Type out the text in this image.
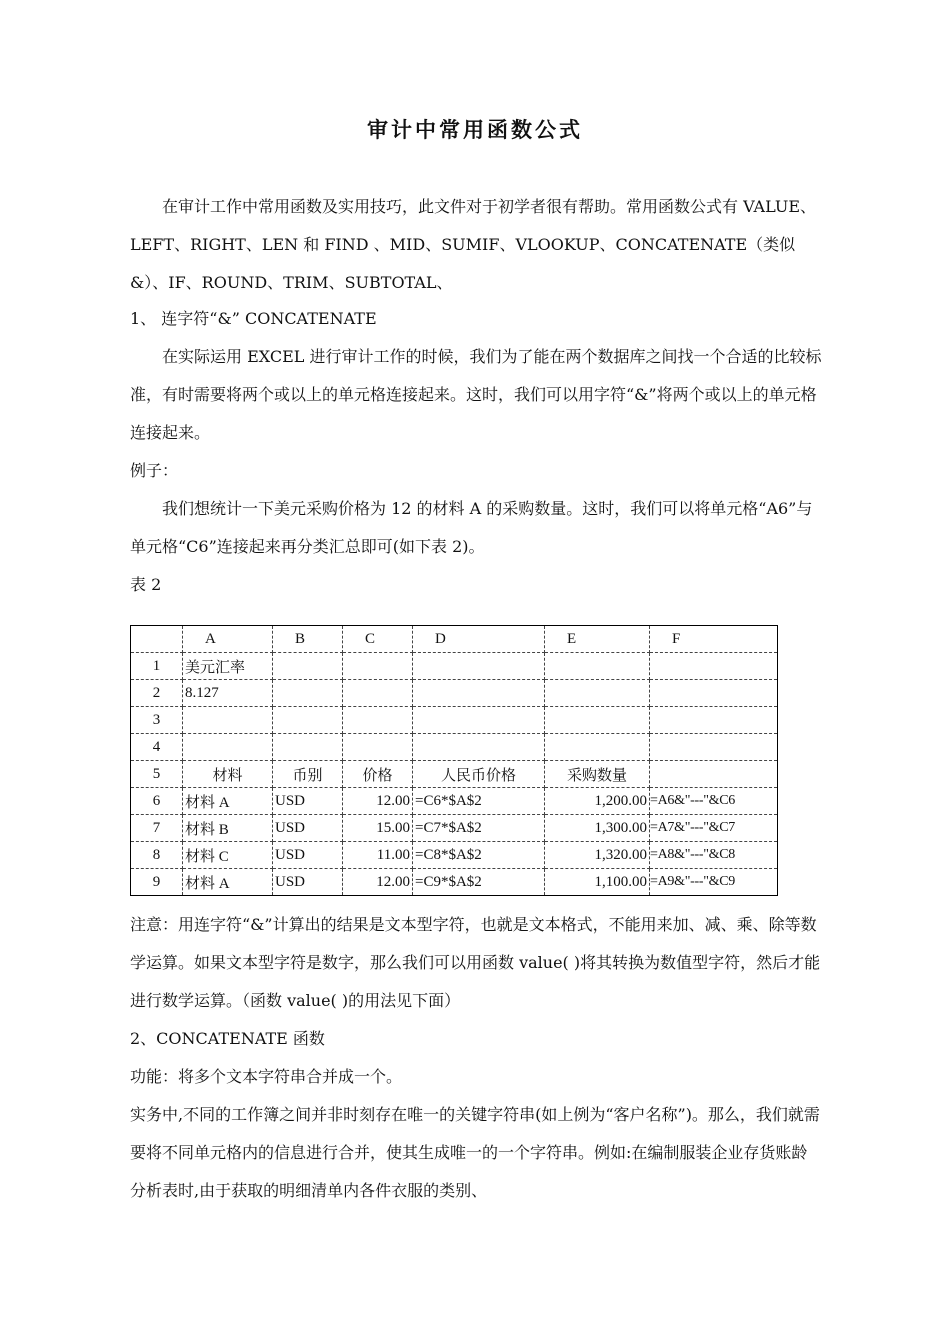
审计中常用函数公式

在审计工作中常用函数及实用技巧，此文件对于初学者很有帮助。常用函数公式有 VALUE、LEFT、RIGHT、LEN 和 FIND 、MID、SUMIF、VLOOKUP、CONCATENATE（类似&）、IF、ROUND、TRIM、SUBTOTAL、

1、 连字符“&” CONCATENATE

在实际运用 EXCEL 进行审计工作的时候，我们为了能在两个数据库之间找一个合适的比较标准，有时需要将两个或以上的单元格连接起来。这时，我们可以用字符“&”将两个或以上的单元格连接起来。

例子：

我们想统计一下美元采购价格为 12 的材料 A 的采购数量。这时，我们可以将单元格“A6”与单元格“C6”连接起来再分类汇总即可(如下表 2)。

表 2

	A	B	C	D	E	F
1	美元汇率					
2	8.127					
3						
4						
5	材料	币别	价格	人民币价格	采购数量	
6	材料 A	USD	12.00	=C6*$A$2	1,200.00	=A6&"---"&C6
7	材料 B	USD	15.00	=C7*$A$2	1,300.00	=A7&"---"&C7
8	材料 C	USD	11.00	=C8*$A$2	1,320.00	=A8&"---"&C8
9	材料 A	USD	12.00	=C9*$A$2	1,100.00	=A9&"---"&C9

注意：用连字符“&”计算出的结果是文本型字符，也就是文本格式，不能用来加、减、乘、除等数学运算。如果文本型字符是数字，那么我们可以用函数 value( )将其转换为数值型字符，然后才能进行数学运算。（函数 value( )的用法见下面）

2、CONCATENATE 函数

功能：将多个文本字符串合并成一个。

实务中,不同的工作簿之间并非时刻存在唯一的关键字符串(如上例为“客户名称”)。那么，我们就需要将不同单元格内的信息进行合并，使其生成唯一的一个字符串。例如:在编制服装企业存货账龄分析表时,由于获取的明细清单内各件衣服的类别、
